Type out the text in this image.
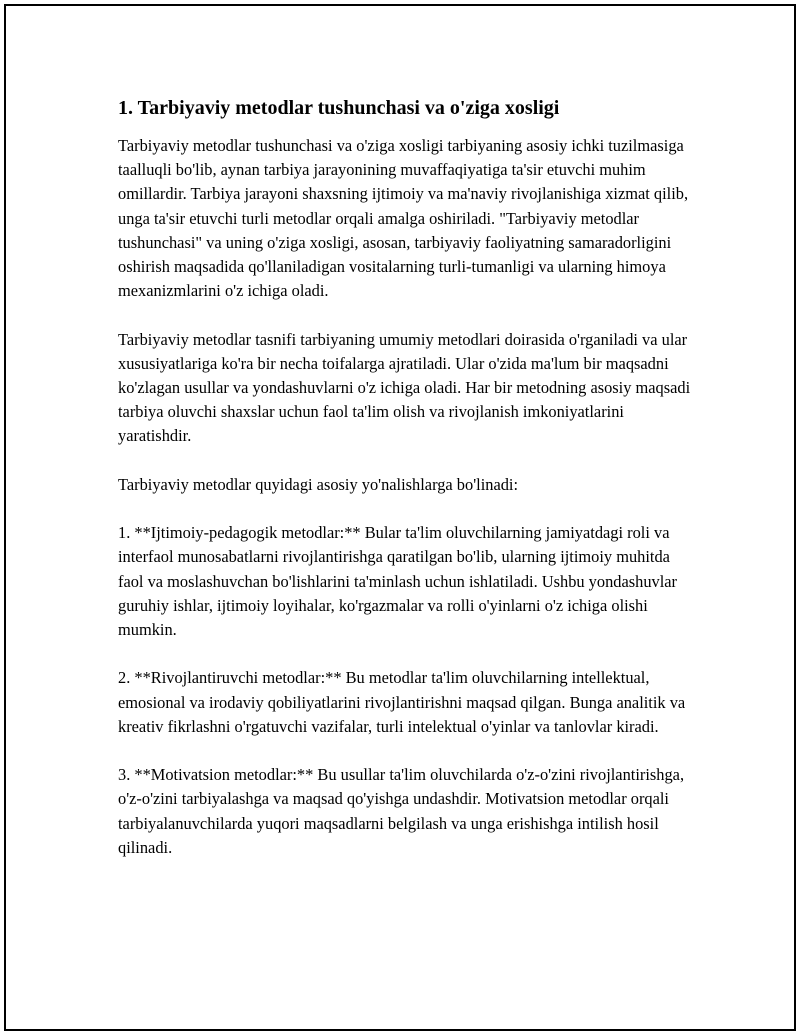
1. Tarbiyaviy metodlar tushunchasi va o'ziga xosligi

Tarbiyaviy metodlar tushunchasi va o'ziga xosligi tarbiyaning asosiy ichki tuzilmasiga taalluqli bo'lib, aynan tarbiya jarayonining muvaffaqiyatiga ta'sir etuvchi muhim omillardir. Tarbiya jarayoni shaxsning ijtimoiy va ma'naviy rivojlanishiga xizmat qilib, unga ta'sir etuvchi turli metodlar orqali amalga oshiriladi. "Tarbiyaviy metodlar tushunchasi" va uning o'ziga xosligi, asosan, tarbiyaviy faoliyatning samaradorligini oshirish maqsadida qo'llaniladigan vositalarning turli-tumanligi va ularning himoya mexanizmlarini o'z ichiga oladi.

Tarbiyaviy metodlar tasnifi tarbiyaning umumiy metodlari doirasida o'rganiladi va ular xususiyatlariga ko'ra bir necha toifalarga ajratiladi. Ular o'zida ma'lum bir maqsadni ko'zlagan usullar va yondashuvlarni o'z ichiga oladi. Har bir metodning asosiy maqsadi tarbiya oluvchi shaxslar uchun faol ta'lim olish va rivojlanish imkoniyatlarini yaratishdir.

Tarbiyaviy metodlar quyidagi asosiy yo'nalishlarga bo'linadi:

1. **Ijtimoiy-pedagogik metodlar:** Bular ta'lim oluvchilarning jamiyatdagi roli va interfaol munosabatlarni rivojlantirishga qaratilgan bo'lib, ularning ijtimoiy muhitda faol va moslashuvchan bo'lishlarini ta'minlash uchun ishlatiladi. Ushbu yondashuvlar guruhiy ishlar, ijtimoiy loyihalar, ko'rgazmalar va rolli o'yinlarni o'z ichiga olishi mumkin.

2. **Rivojlantiruvchi metodlar:** Bu metodlar ta'lim oluvchilarning intellektual, emosional va irodaviy qobiliyatlarini rivojlantirishni maqsad qilgan. Bunga analitik va kreativ fikrlashni o'rgatuvchi vazifalar, turli intelektual o'yinlar va tanlovlar kiradi.

3. **Motivatsion metodlar:** Bu usullar ta'lim oluvchilarda o'z-o'zini rivojlantirishga, o'z-o'zini tarbiyalashga va maqsad qo'yishga undashdir. Motivatsion metodlar orqali tarbiyalanuvchilarda yuqori maqsadlarni belgilash va unga erishishga intilish hosil qilinadi.
